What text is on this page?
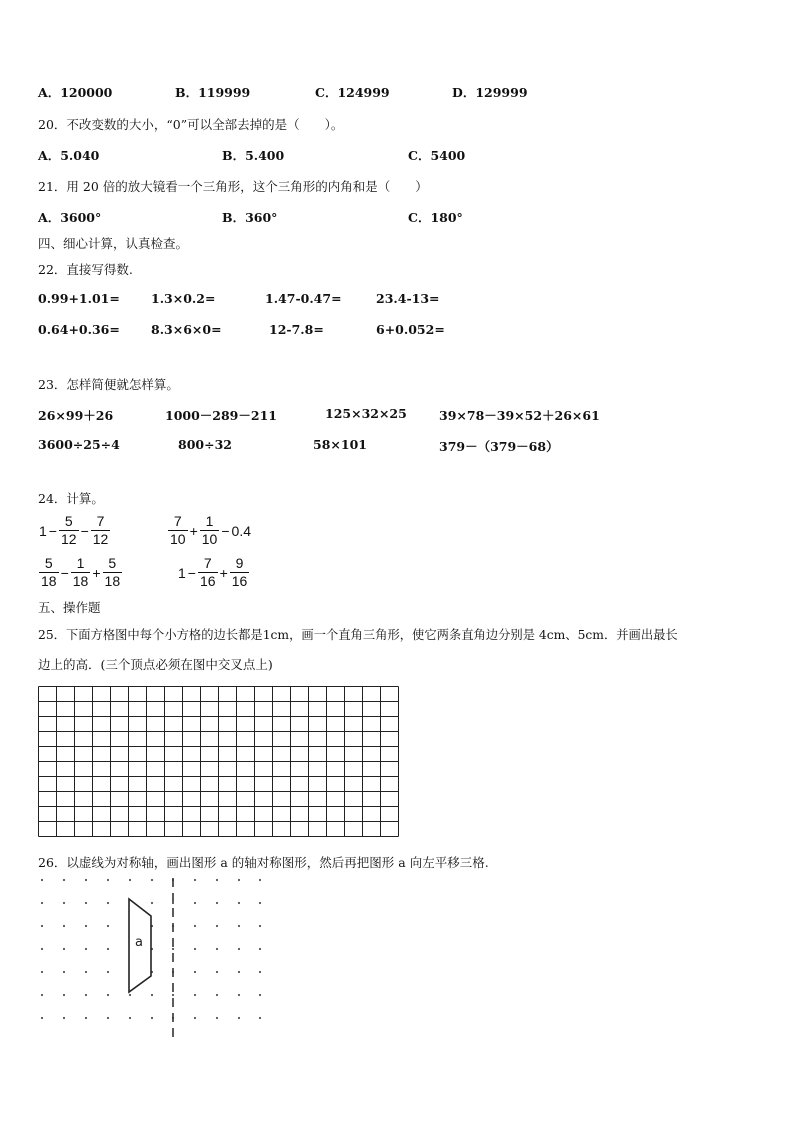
A．120000	B．119999	C．124999	D．129999
20．不改变数的大小，“0”可以全部去掉的是（　　）。
A．5.040	B．5.400	C．5400
21．用 20 倍的放大镜看一个三角形，这个三角形的内角和是（　　）
A．3600°	B．360°	C．180°
四、细心计算，认真检查。
22．直接写得数.
0.99+1.01= 1.3×0.2=	1.47-0.47=	23.4-13=
0.64+0.36= 8.3×6×0=	12-7.8=	6+0.052=
23．怎样简便就怎样算。
26×99＋26	1000－289－211	125×32×25	39×78－39×52＋26×61
3600÷25÷4	800÷32	58×101	379－（379－68）
24．计算。
$1 - \frac{5}{12} - \frac{7}{12}$	$\frac{7}{10} + \frac{1}{10} - 0.4$
$\frac{5}{18} - \frac{1}{18} + \frac{5}{18}$	$1 - \frac{7}{16} + \frac{9}{16}$
五、操作题
25．下面方格图中每个小方格的边长都是1cm，画一个直角三角形，使它两条直角边分别是 4cm、5cm．并画出最长
边上的高．(三个顶点必须在图中交叉点上)
26．以虚线为对称轴，画出图形 a 的轴对称图形，然后再把图形 a 向左平移三格.
a
